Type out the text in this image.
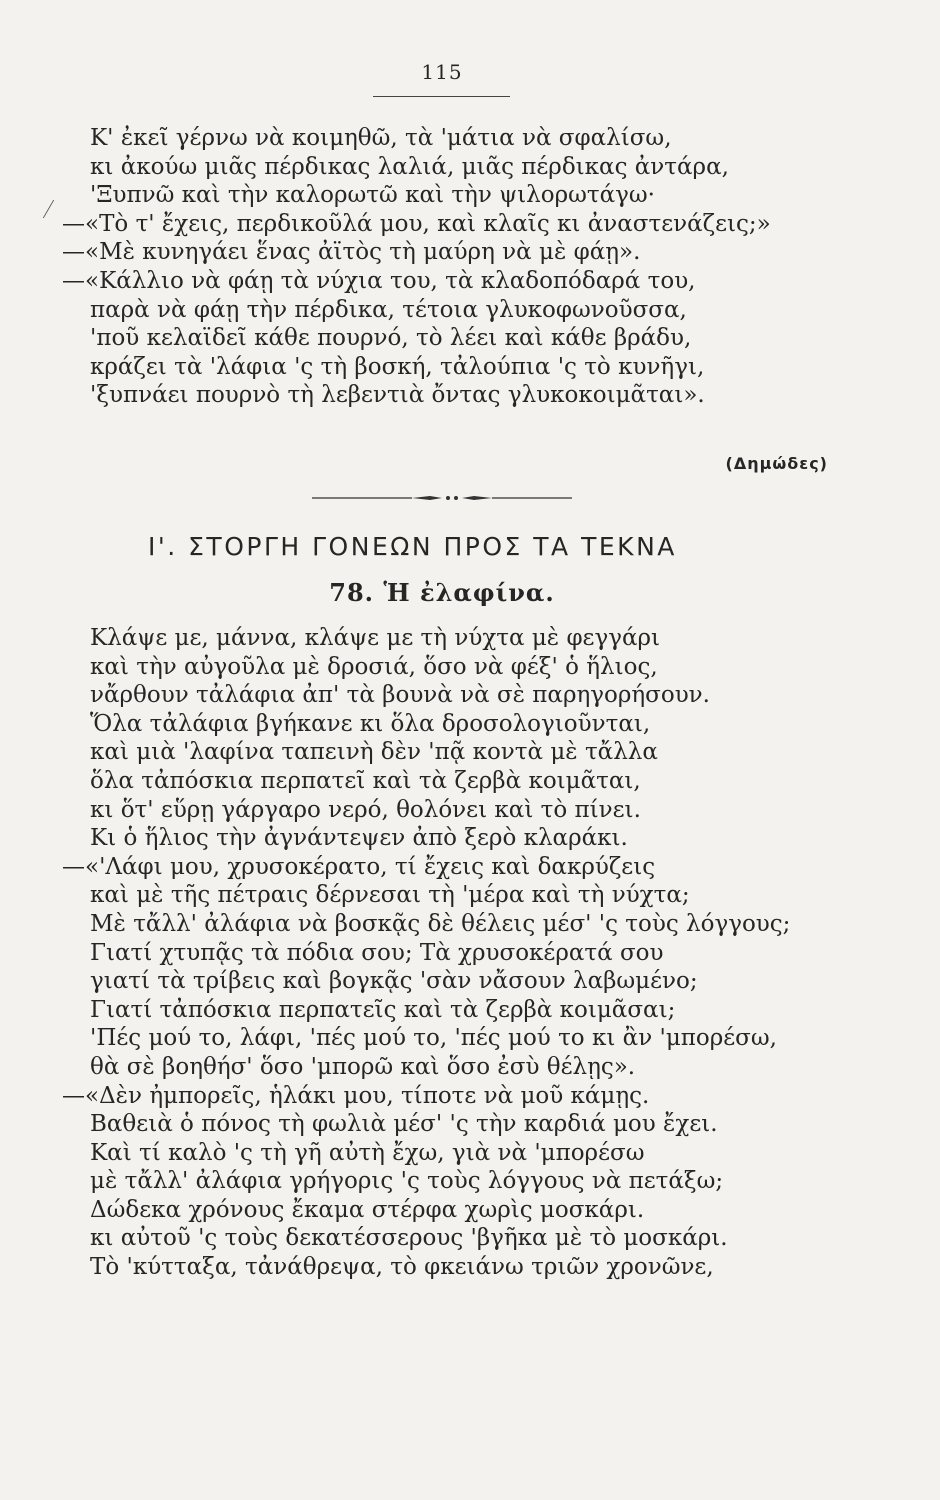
115
Κ' ἐκεῖ γέρνω νὰ κοιμηθῶ, τὰ 'μάτια νὰ σφαλίσω,
κι ἀκούω μιᾶς πέρδικας λαλιά, μιᾶς πέρδικας ἀντάρα,
'Ξυπνῶ καὶ τὴν καλορωτῶ καὶ τὴν ψιλορωτάγω·
—«Τὸ τ' ἔχεις, περδικοῦλά μου, καὶ κλαῖς κι ἀναστενάζεις;»
—«Μὲ κυνηγάει ἕνας ἀϊτὸς τὴ μαύρη νὰ μὲ φάῃ».
—«Κάλλιο νὰ φάῃ τὰ νύχια του, τὰ κλαδοπόδαρά του,
παρὰ νὰ φάῃ τὴν πέρδικα, τέτοια γλυκοφωνοῦσσα,
'ποῦ κελαϊδεῖ κάθε πουρνό, τὸ λέει καὶ κάθε βράδυ,
κράζει τὰ 'λάφια 'ς τὴ βοσκή, τἀλούπια 'ς τὸ κυνῆγι,
'ξυπνάει πουρνὸ τὴ λεβεντιὰ ὄντας γλυκοκοιμᾶται».
(Δημώδες)
Ι'. ΣΤΟΡΓΗ ΓΟΝΕΩΝ ΠΡΟΣ ΤΑ ΤΕΚΝΑ
78. Ἡ ἐλαφίνα.
Κλάψε με, μάννα, κλάψε με τὴ νύχτα μὲ φεγγάρι
καὶ τὴν αὐγοῦλα μὲ δροσιά, ὅσο νὰ φέξ' ὁ ἥλιος,
νἄρθουν τἀλάφια ἀπ' τὰ βουνὰ νὰ σὲ παρηγορήσουν.
Ὅλα τἀλάφια βγήκανε κι ὅλα δροσολογιοῦνται,
καὶ μιὰ 'λαφίνα ταπεινὴ δὲν 'πᾷ κοντὰ μὲ τἄλλα
ὅλα τἀπόσκια περπατεῖ καὶ τὰ ζερβὰ κοιμᾶται,
κι ὅτ' εὕρῃ γάργαρο νερό, θολόνει καὶ τὸ πίνει.
Κι ὁ ἥλιος τὴν ἀγνάντεψεν ἀπὸ ξερὸ κλαράκι.
—«'Λάφι μου, χρυσοκέρατο, τί ἔχεις καὶ δακρύζεις
καὶ μὲ τῆς πέτραις δέρνεσαι τὴ 'μέρα καὶ τὴ νύχτα;
Μὲ τἄλλ' ἀλάφια νὰ βοσκᾷς δὲ θέλεις μέσ' 'ς τοὺς λόγγους;
Γιατί χτυπᾷς τὰ πόδια σου; Τὰ χρυσοκέρατά σου
γιατί τὰ τρίβεις καὶ βογκᾷς 'σὰν νἄσουν λαβωμένο;
Γιατί τἀπόσκια περπατεῖς καὶ τὰ ζερβὰ κοιμᾶσαι;
'Πές μού το, λάφι, 'πές μού το, 'πές μού το κι ἂν 'μπορέσω,
θὰ σὲ βοηθήσ' ὅσο 'μπορῶ καὶ ὅσο ἐσὺ θέλῃς».
—«Δὲν ἠμπορεῖς, ἡλάκι μου, τίποτε νὰ μοῦ κάμῃς.
Βαθειὰ ὁ πόνος τὴ φωλιὰ μέσ' 'ς τὴν καρδιά μου ἔχει.
Καὶ τί καλὸ 'ς τὴ γῆ αὐτὴ ἔχω, γιὰ νὰ 'μπορέσω
μὲ τἄλλ' ἀλάφια γρήγορις 'ς τοὺς λόγγους νὰ πετάξω;
Δώδεκα χρόνους ἔκαμα στέρφα χωρὶς μοσκάρι.
κι αὐτοῦ 'ς τοὺς δεκατέσσερους 'βγῆκα μὲ τὸ μοσκάρι.
Τὸ 'κύτταξα, τἀνάθρεψα, τὸ φκειάνω τριῶν χρονῶνε,
